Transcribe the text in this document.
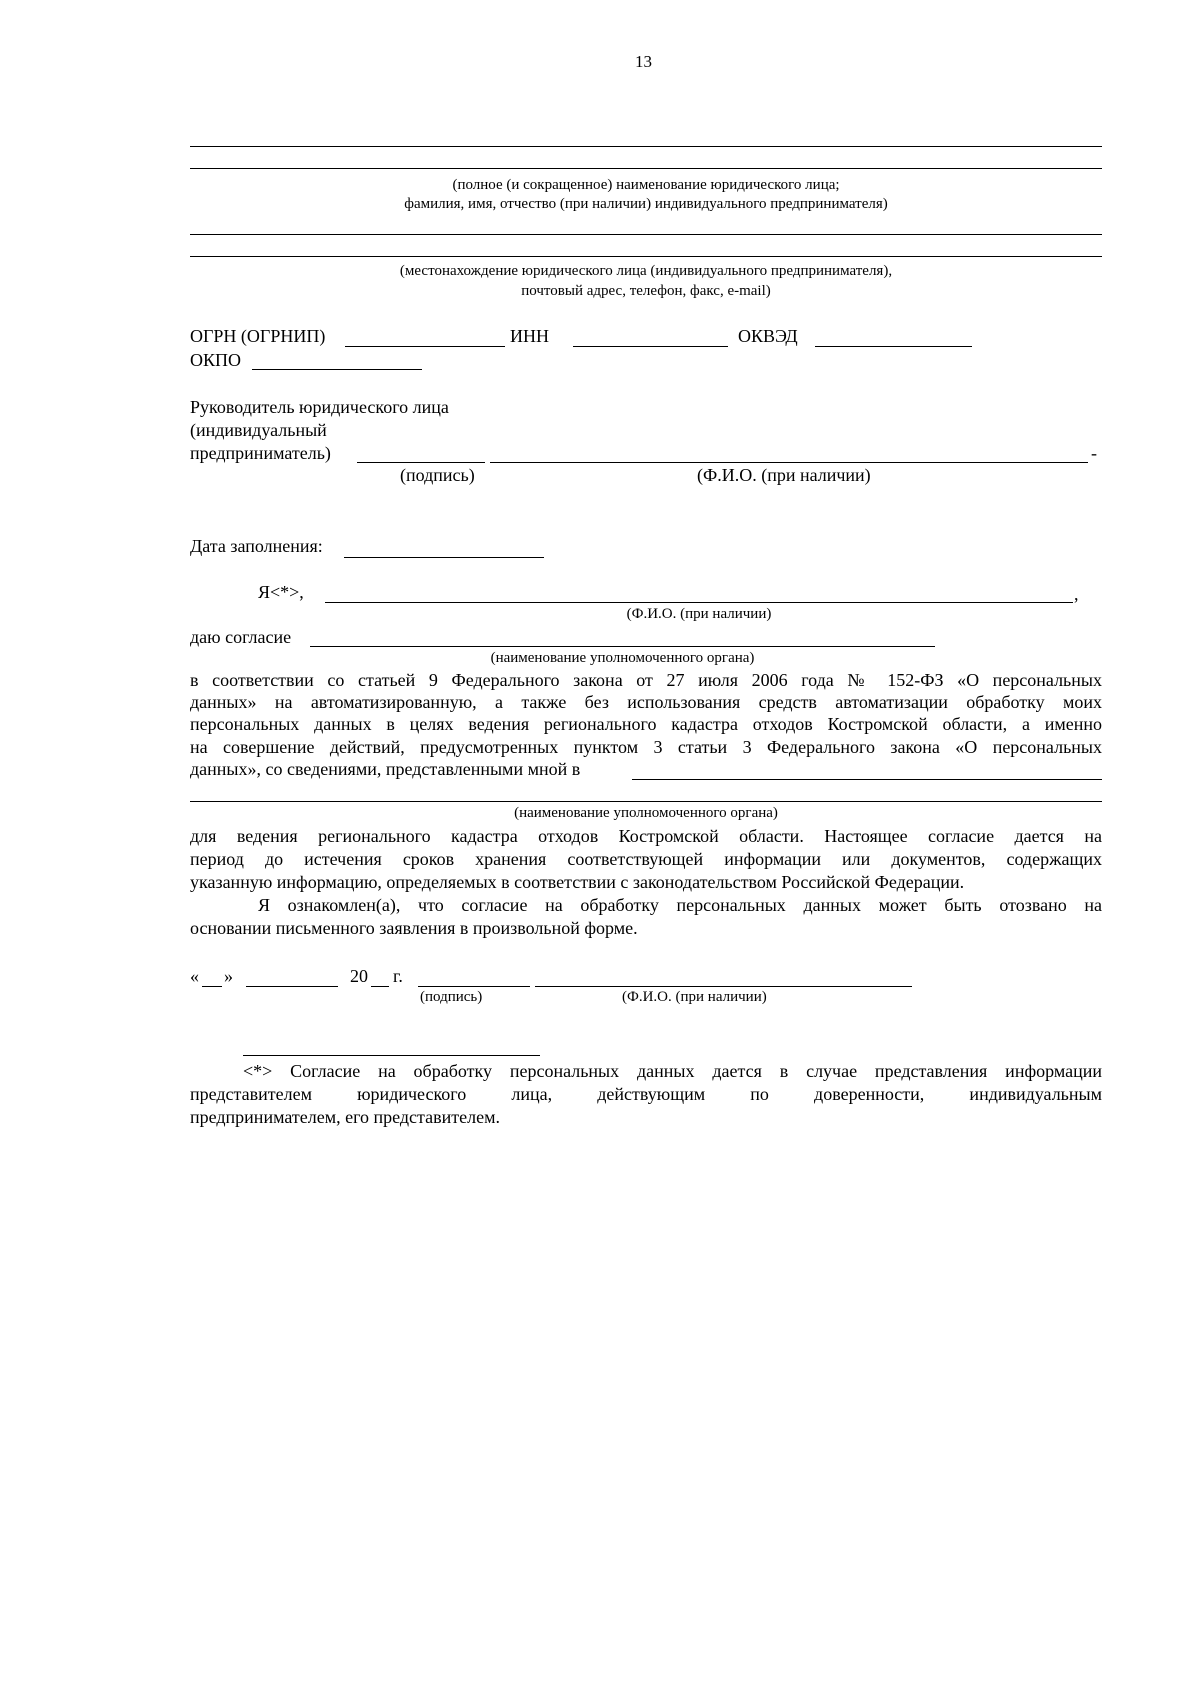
13
(полное (и сокращенное) наименование юридического лица;
фамилия, имя, отчество (при наличии) индивидуального предпринимателя)
(местонахождение юридического лица (индивидуального предпринимателя),
почтовый адрес, телефон, факс, e-mail)
ОГРН (ОГРНИП)	ИНН	ОКВЭД
ОКПО
Руководитель юридического лица
(индивидуальный
предприниматель)	-
(подпись)	(Ф.И.О. (при наличии)
Дата заполнения:
Я<*>,	,
(Ф.И.О. (при наличии)
даю согласие
(наименование уполномоченного органа)
в соответствии со статьей 9 Федерального закона от 27 июля 2006 года № 152-ФЗ «О персональных
данных» на автоматизированную, а также без использования средств автоматизации обработку моих
персональных данных в целях ведения регионального кадастра отходов Костромской области, а именно
на совершение действий, предусмотренных пунктом 3 статьи 3 Федерального закона «О персональных
данных», со сведениями, представленными мной в
(наименование уполномоченного органа)
для ведения регионального кадастра отходов Костромской области. Настоящее согласие дается на
период до истечения сроков хранения соответствующей информации или документов, содержащих
указанную информацию, определяемых в соответствии с законодательством Российской Федерации.
Я ознакомлен(а), что согласие на обработку персональных данных может быть отозвано на
основании письменного заявления в произвольной форме.
« »	20 г.
(подпись)	(Ф.И.О. (при наличии)
<*> Согласие на обработку персональных данных дается в случае представления информации
представителем юридического лица, действующим по доверенности, индивидуальным
предпринимателем, его представителем.
